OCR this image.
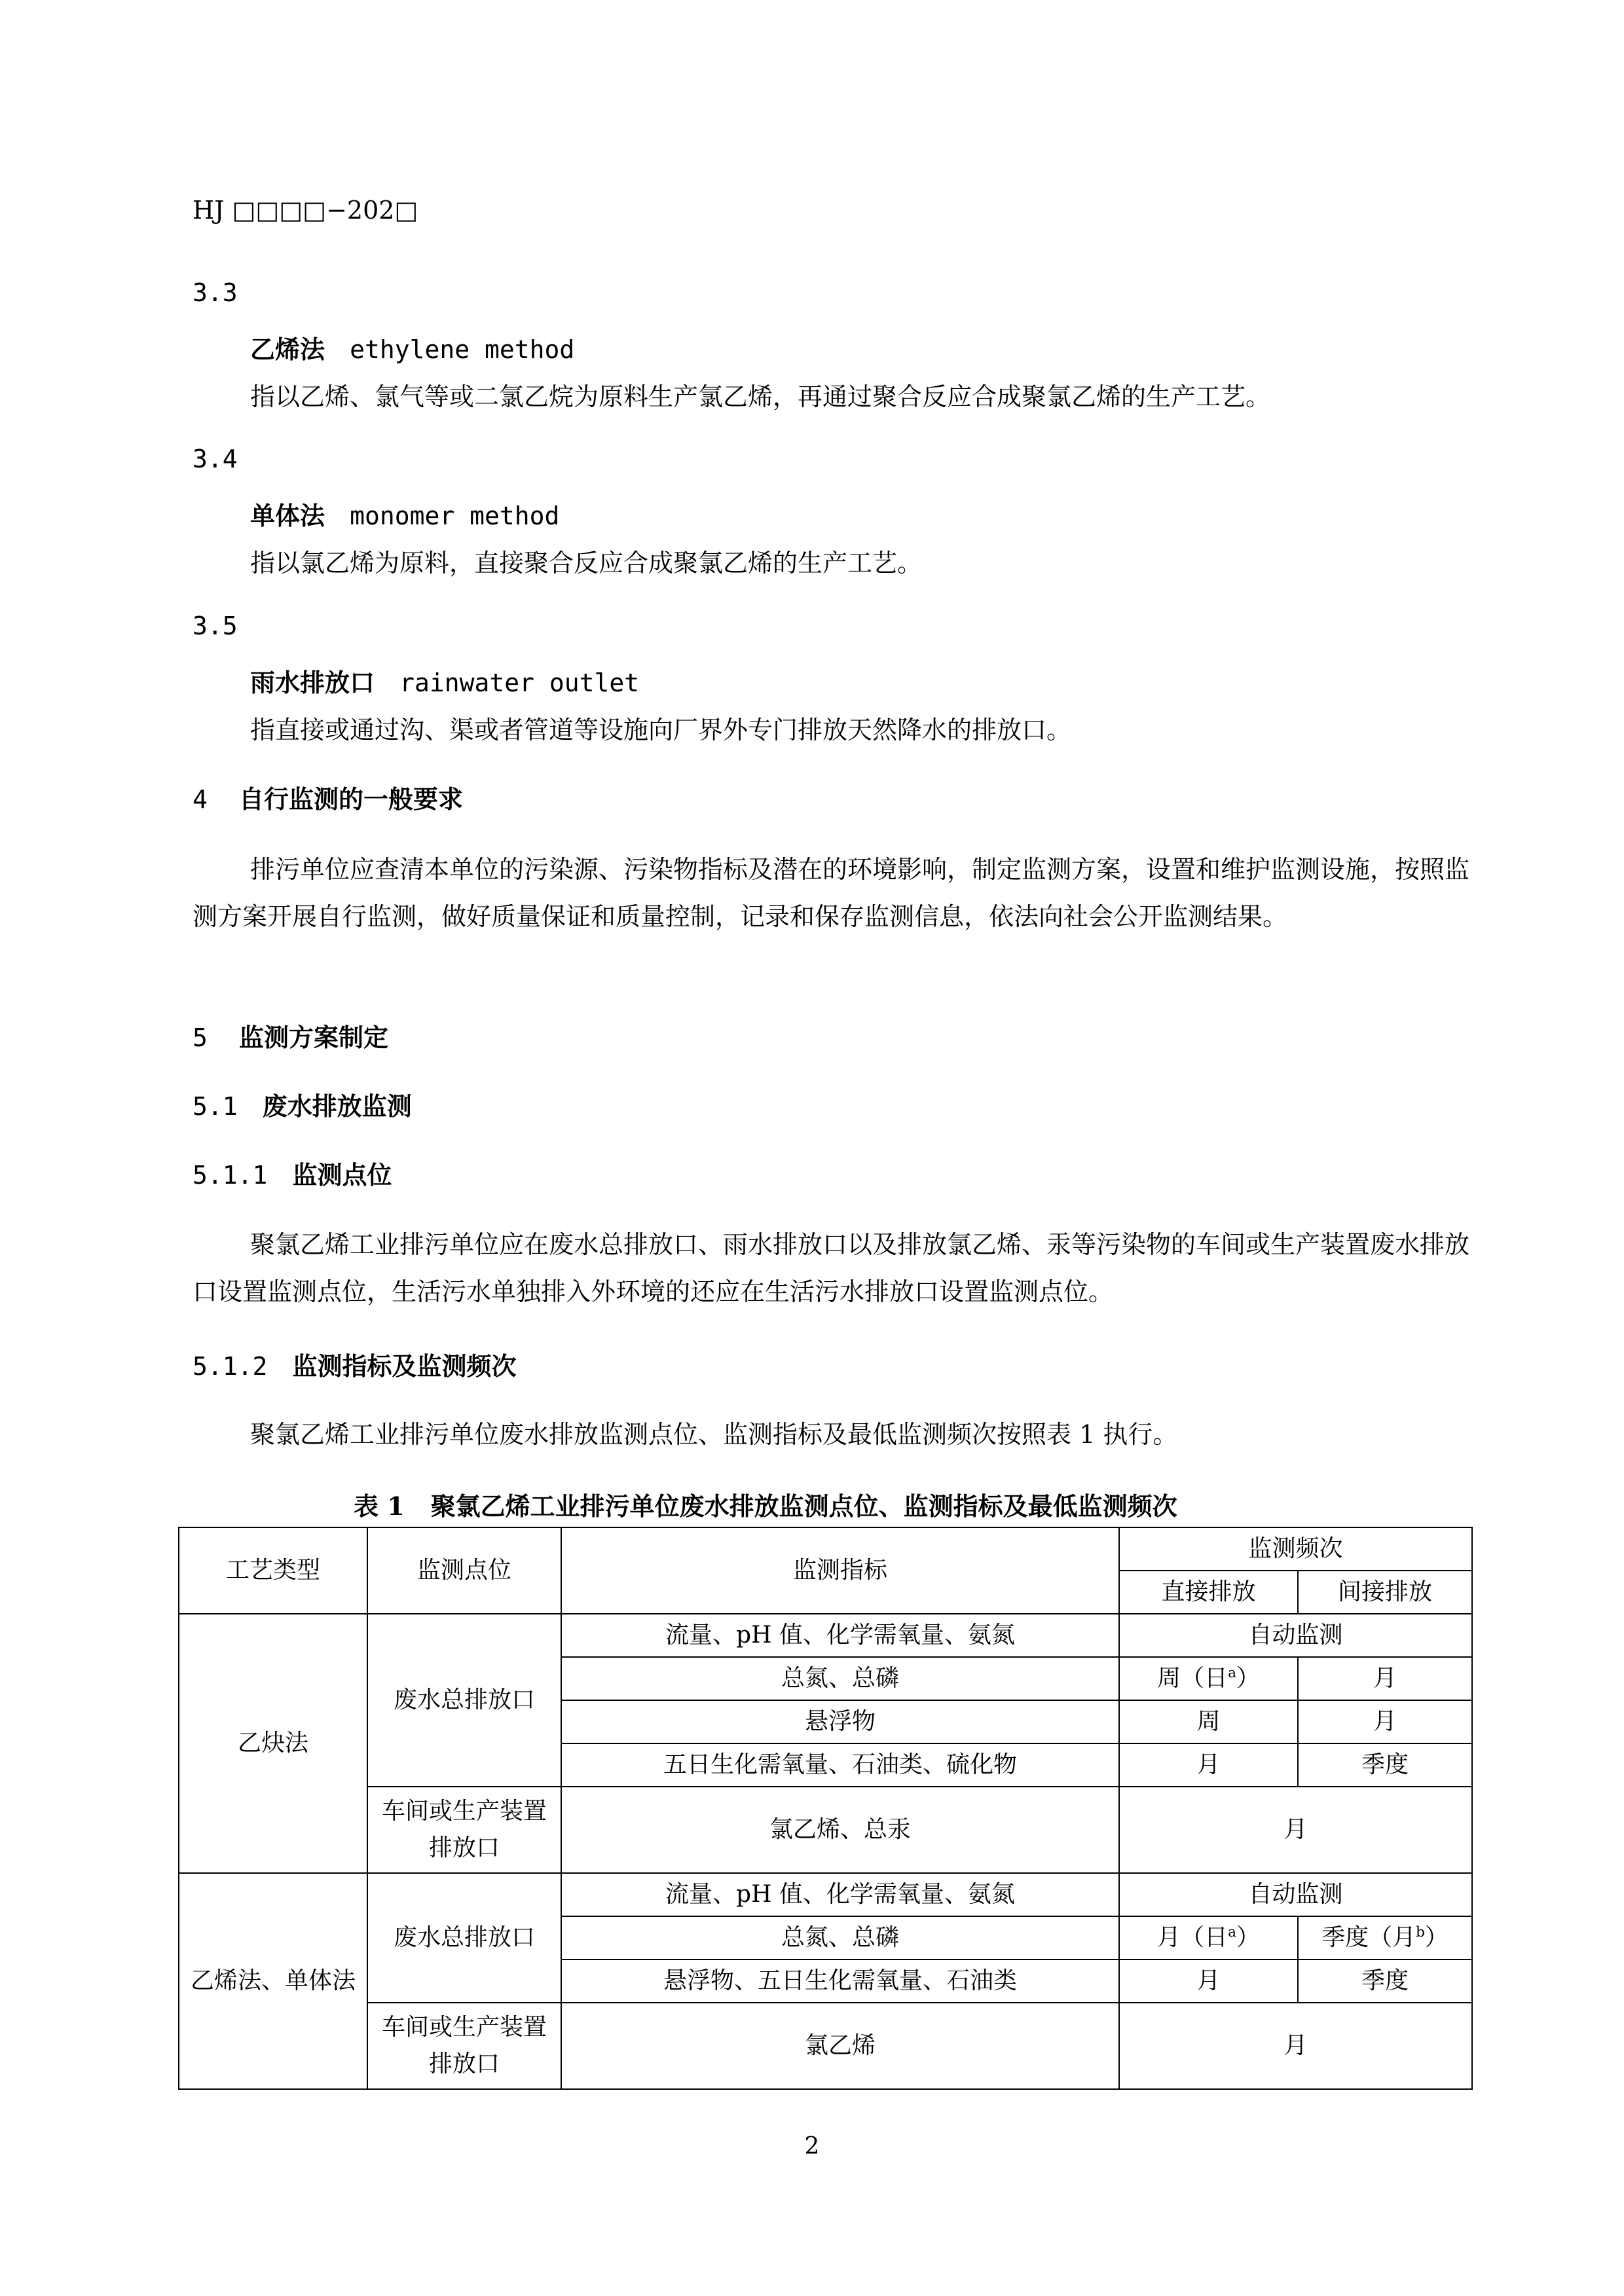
HJ □□□□−202□
3.3
乙烯法 ethylene method
指以乙烯、氯气等或二氯乙烷为原料生产氯乙烯，再通过聚合反应合成聚氯乙烯的生产工艺。
3.4
单体法 monomer method
指以氯乙烯为原料，直接聚合反应合成聚氯乙烯的生产工艺。
3.5
雨水排放口 rainwater outlet
指直接或通过沟、渠或者管道等设施向厂界外专门排放天然降水的排放口。
4 自行监测的一般要求
排污单位应查清本单位的污染源、污染物指标及潜在的环境影响，制定监测方案，设置和维护监测设施，按照监测方案开展自行监测，做好质量保证和质量控制，记录和保存监测信息，依法向社会公开监测结果。
5 监测方案制定
5.1 废水排放监测
5.1.1 监测点位
聚氯乙烯工业排污单位应在废水总排放口、雨水排放口以及排放氯乙烯、汞等污染物的车间或生产装置废水排放口设置监测点位，生活污水单独排入外环境的还应在生活污水排放口设置监测点位。
5.1.2 监测指标及监测频次
聚氯乙烯工业排污单位废水排放监测点位、监测指标及最低监测频次按照表 1 执行。
表 1 聚氯乙烯工业排污单位废水排放监测点位、监测指标及最低监测频次
工艺类型	监测点位	监测指标	监测频次	
			直接排放	间接排放
乙炔法	废水总排放口	流量、pH 值、化学需氧量、氨氮	自动监测	
		总氮、总磷	周（日$^a$）	月
		悬浮物	周	月
		五日生化需氧量、石油类、硫化物	月	季度
	车间或生产装置排放口	氯乙烯、总汞	月	
乙烯法、单体法	废水总排放口	流量、pH 值、化学需氧量、氨氮	自动监测	
		总氮、总磷	月（日$^a$）	季度（月$^b$）
		悬浮物、五日生化需氧量、石油类	月	季度
	车间或生产装置排放口	氯乙烯	月	
2
